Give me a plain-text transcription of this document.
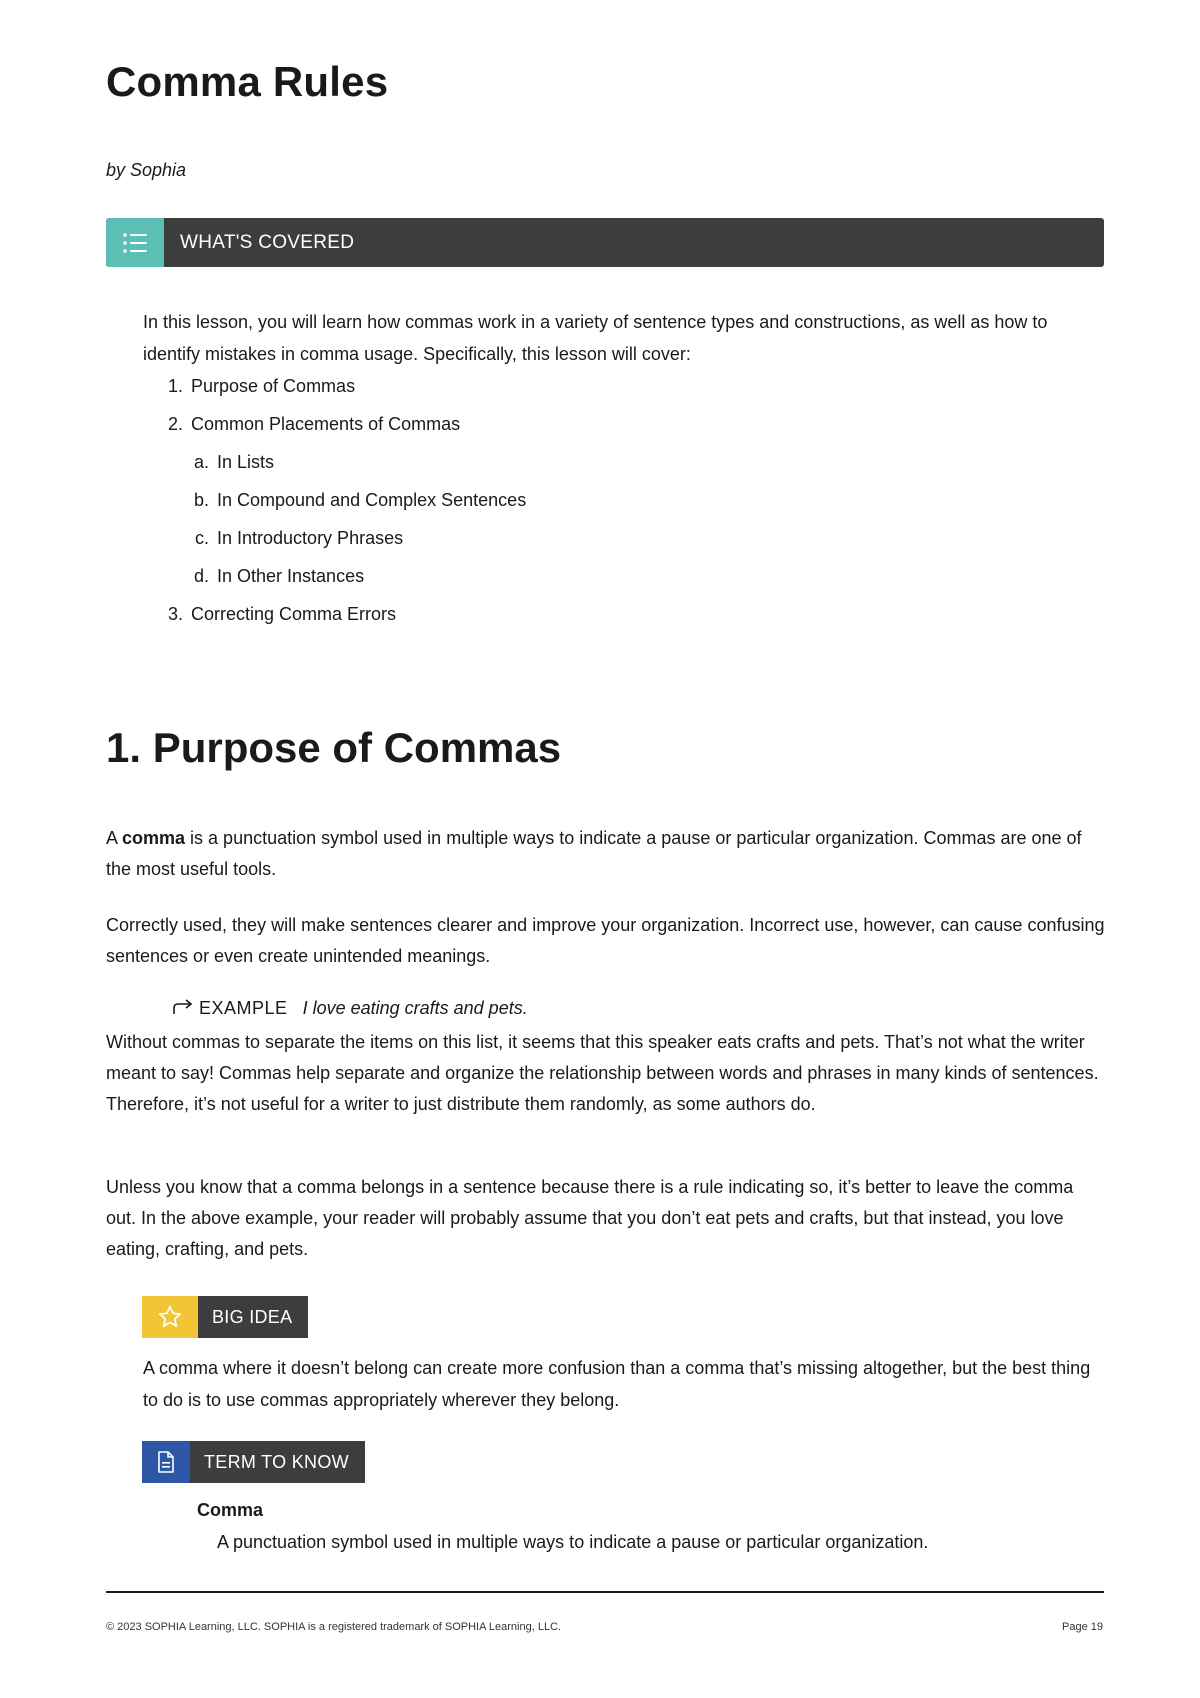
Comma Rules
by Sophia
WHAT'S COVERED
In this lesson, you will learn how commas work in a variety of sentence types and constructions, as well as how to identify mistakes in comma usage. Specifically, this lesson will cover:
1. Purpose of Commas
2. Common Placements of Commas
a. In Lists
b. In Compound and Complex Sentences
c. In Introductory Phrases
d. In Other Instances
3. Correcting Comma Errors
1. Purpose of Commas
A comma is a punctuation symbol used in multiple ways to indicate a pause or particular organization. Commas are one of the most useful tools.
Correctly used, they will make sentences clearer and improve your organization. Incorrect use, however, can cause confusing sentences or even create unintended meanings.
EXAMPLE I love eating crafts and pets.
Without commas to separate the items on this list, it seems that this speaker eats crafts and pets. That’s not what the writer meant to say! Commas help separate and organize the relationship between words and phrases in many kinds of sentences. Therefore, it’s not useful for a writer to just distribute them randomly, as some authors do.
Unless you know that a comma belongs in a sentence because there is a rule indicating so, it’s better to leave the comma out. In the above example, your reader will probably assume that you don’t eat pets and crafts, but that instead, you love eating, crafting, and pets.
BIG IDEA
A comma where it doesn’t belong can create more confusion than a comma that’s missing altogether, but the best thing to do is to use commas appropriately wherever they belong.
TERM TO KNOW
Comma
A punctuation symbol used in multiple ways to indicate a pause or particular organization.
© 2023 SOPHIA Learning, LLC. SOPHIA is a registered trademark of SOPHIA Learning, LLC.	Page 19
